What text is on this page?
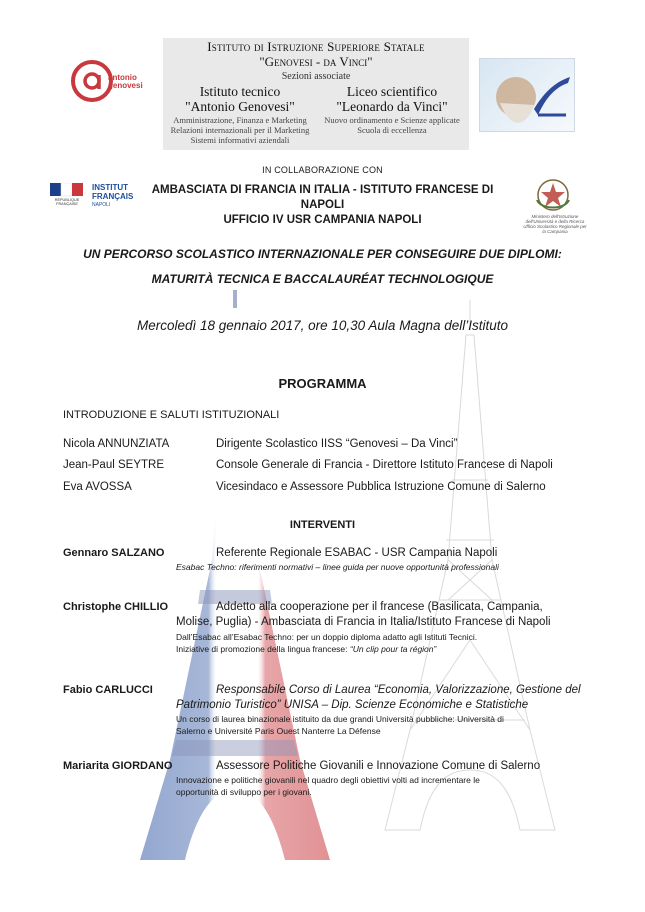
antonio
genovesi
Istituto di Istruzione Superiore Statale
"Genovesi - da Vinci"
Sezioni associate
Istituto tecnico
"Antonio Genovesi"
Amministrazione, Finanza e Marketing
Relazioni internazionali per il Marketing
Sistemi informativi aziendali
Liceo scientifico
"Leonardo da Vinci"
Nuovo ordinamento e Scienze applicate
Scuola di eccellenza
IN COLLABORAZIONE CON
RÉPUBLIQUE FRANÇAISE
INSTITUT
FRANÇAIS
NAPOLI
AMBASCIATA DI FRANCIA IN ITALIA - ISTITUTO FRANCESE DI NAPOLI
UFFICIO IV USR CAMPANIA NAPOLI	Ministero dell'Istruzione dell'Università e della Ricerca Ufficio Scolastico Regionale per la Campania
UN PERCORSO SCOLASTICO INTERNAZIONALE PER CONSEGUIRE DUE DIPLOMI:
MATURITÀ TECNICA E BACCALAURÉAT TECHNOLOGIQUE
Mercoledì 18 gennaio 2017, ore 10,30 Aula Magna dell’Istituto
PROGRAMMA
INTRODUZIONE E SALUTI ISTITUZIONALI
Nicola ANNUNZIATA	Dirigente Scolastico IISS “Genovesi – Da Vinci”
Jean-Paul SEYTRE	Console Generale di Francia - Direttore Istituto Francese di Napoli
Eva AVOSSA	Vicesindaco e Assessore Pubblica Istruzione Comune di Salerno
INTERVENTI
Gennaro SALZANO	Referente Regionale ESABAC - USR Campania Napoli
Esabac Techno: riferimenti normativi – linee guida per nuove opportunità professionali
Christophe CHILLIO	Addetto alla cooperazione per il francese (Basilicata, Campania,
Molise, Puglia) - Ambasciata di Francia in Italia/Istituto Francese di Napoli
Dall’Esabac all’Esabac Techno: per un doppio diploma adatto agli Istituti Tecnici.
Iniziative di promozione della lingua francese: “Un clip pour ta région”
Fabio CARLUCCI	Responsabile Corso di Laurea “Economia, Valorizzazione, Gestione del
Patrimonio Turistico” UNISA – Dip. Scienze Economiche e Statistiche
Un corso di laurea binazionale istituito da due grandi Università pubbliche: Università di
Salerno e Université Paris Ouest Nanterre La Défense
Mariarita GIORDANO	Assessore Politiche Giovanili e Innovazione Comune di Salerno
Innovazione e politiche giovanili nel quadro degli obiettivi volti ad incrementare le
opportunità di sviluppo per i giovani.
